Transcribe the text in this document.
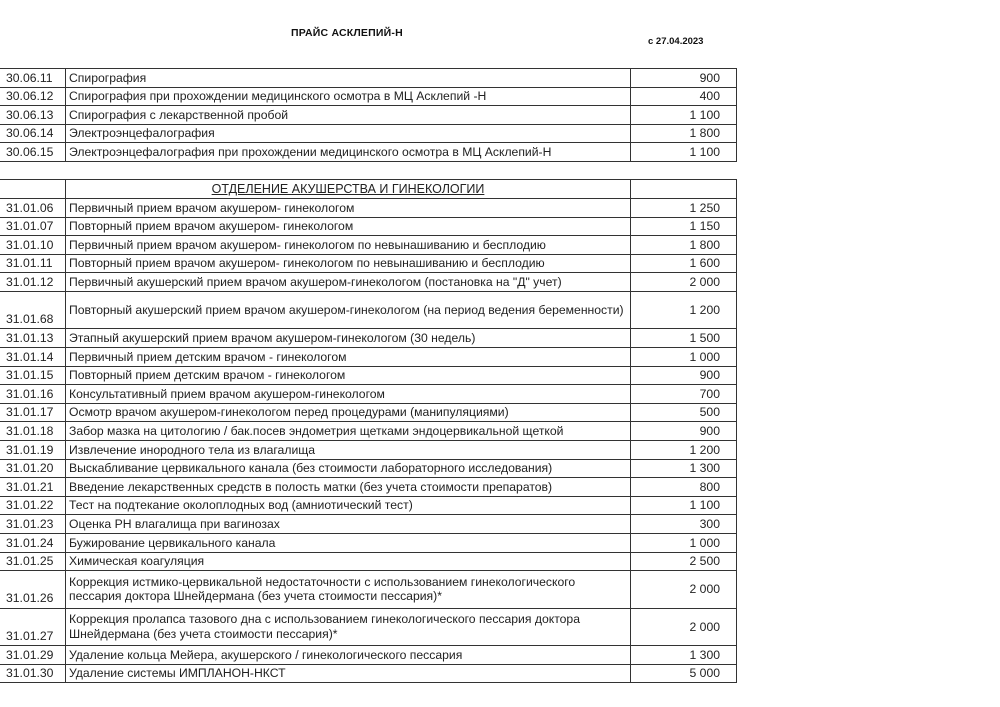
ПРАЙС АСКЛЕПИЙ-Н
с 27.04.2023
30.06.11	Спирография	900
30.06.12	Спирография при прохождении медицинского осмотра в МЦ Асклепий -Н	400
30.06.13	Спирография с лекарственной пробой	1 100
30.06.14	Электроэнцефалография	1 800
30.06.15	Электроэнцефалография при прохождении медицинского осмотра в МЦ Асклепий-Н	1 100
	ОТДЕЛЕНИЕ АКУШЕРСТВА И ГИНЕКОЛОГИИ	
31.01.06	Первичный прием врачом акушером- гинекологом	1 250
31.01.07	Повторный прием врачом акушером- гинекологом	1 150
31.01.10	Первичный прием врачом акушером- гинекологом по невынашиванию и бесплодию	1 800
31.01.11	Повторный прием врачом акушером- гинекологом по невынашиванию и бесплодию	1 600
31.01.12	Первичный акушерский прием врачом акушером-гинекологом (постановка на "Д" учет)	2 000
31.01.68	Повторный акушерский прием врачом акушером-гинекологом (на период ведения беременности)	1 200
31.01.13	Этапный акушерский прием врачом акушером-гинекологом (30 недель)	1 500
31.01.14	Первичный прием детским врачом - гинекологом	1 000
31.01.15	Повторный прием детским врачом - гинекологом	900
31.01.16	Консультативный прием врачом акушером-гинекологом	700
31.01.17	Осмотр врачом акушером-гинекологом перед процедурами (манипуляциями)	500
31.01.18	Забор мазка на цитологию / бак.посев эндометрия щетками эндоцервикальной щеткой	900
31.01.19	Извлечение инородного тела из влагалища	1 200
31.01.20	Выскабливание цервикального канала (без стоимости лабораторного исследования)	1 300
31.01.21	Введение лекарственных средств в полость матки (без учета стоимости препаратов)	800
31.01.22	Тест на подтекание околоплодных вод (амниотический тест)	1 100
31.01.23	Оценка РН влагалища при вагинозах	300
31.01.24	Бужирование цервикального канала	1 000
31.01.25	Химическая коагуляция	2 500
31.01.26	Коррекция истмико-цервикальной недостаточности с использованием гинекологического пессария доктора Шнейдермана (без учета стоимости пессария)*	2 000
31.01.27	Коррекция пролапса тазового дна с использованием гинекологического пессария доктора Шнейдермана (без учета стоимости пессария)*	2 000
31.01.29	Удаление кольца Мейера, акушерского / гинекологического пессария	1 300
31.01.30	Удаление системы ИМПЛАНОН-НКСТ	5 000
